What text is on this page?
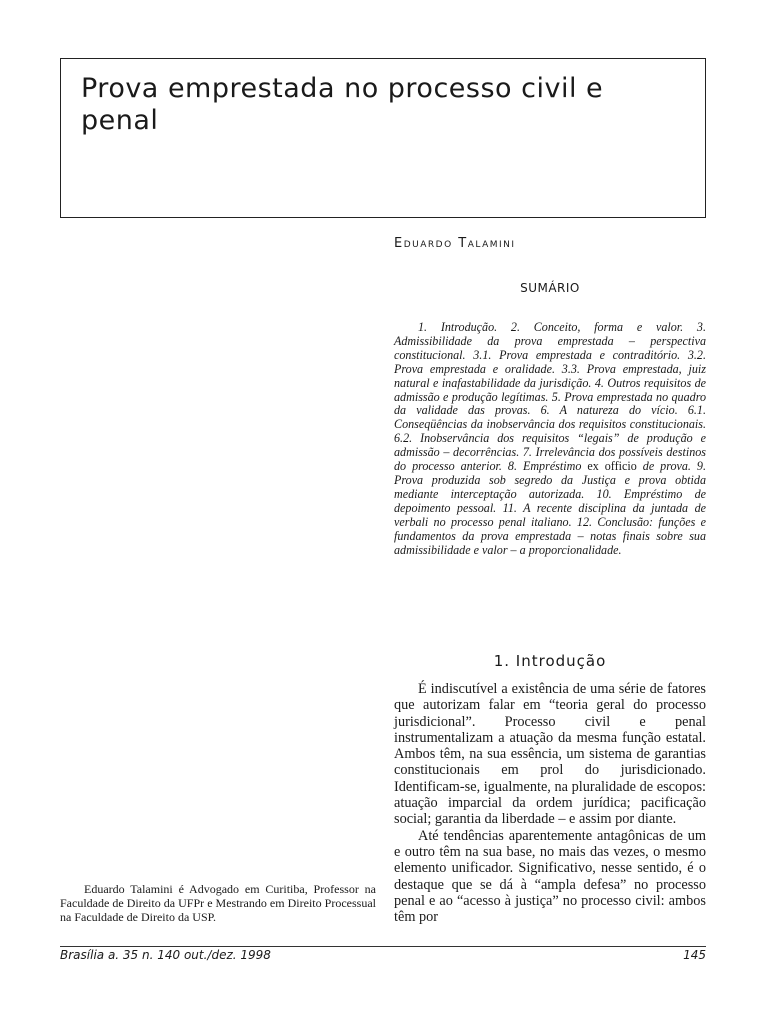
Prova emprestada no processo civil e penal

Eduardo Talamini

SUMÁRIO

1. Introdução. 2. Conceito, forma e valor. 3. Admissibilidade da prova emprestada – perspectiva constitucional. 3.1. Prova emprestada e contraditório. 3.2. Prova emprestada e oralidade. 3.3. Prova emprestada, juiz natural e inafastabilidade da jurisdição. 4. Outros requisitos de admissão e produção legítimas. 5. Prova emprestada no quadro da validade das provas. 6. A natureza do vício. 6.1. Conseqüências da inobservância dos requisitos constitucionais. 6.2. Inobservância dos requisitos “legais” de produção e admissão – decorrências. 7. Irrelevância dos possíveis destinos do processo anterior. 8. Empréstimo ex officio de prova. 9. Prova produzida sob segredo da Justiça e prova obtida mediante interceptação autorizada. 10. Empréstimo de depoimento pessoal. 11. A recente disciplina da juntada de verbali no processo penal italiano. 12. Conclusão: funções e fundamentos da prova emprestada – notas finais sobre sua admissibilidade e valor – a proporcionalidade.

1. Introdução

É indiscutível a existência de uma série de fatores que autorizam falar em “teoria geral do processo jurisdicional”. Processo civil e penal instrumentalizam a atuação da mesma função estatal. Ambos têm, na sua essência, um sistema de garantias constitucionais em prol do jurisdicionado. Identificam-se, igualmente, na pluralidade de escopos: atuação imparcial da ordem jurídica; pacificação social; garantia da liberdade – e assim por diante.

Até tendências aparentemente antagônicas de um e outro têm na sua base, no mais das vezes, o mesmo elemento unificador. Significativo, nesse sentido, é o destaque que se dá à “ampla defesa” no processo penal e ao “acesso à justiça” no processo civil: ambos têm por

Eduardo Talamini é Advogado em Curitiba, Professor na Faculdade de Direito da UFPr e Mestrando em Direito Processual na Faculdade de Direito da USP.

Brasília a. 35 n. 140 out./dez. 1998	145
